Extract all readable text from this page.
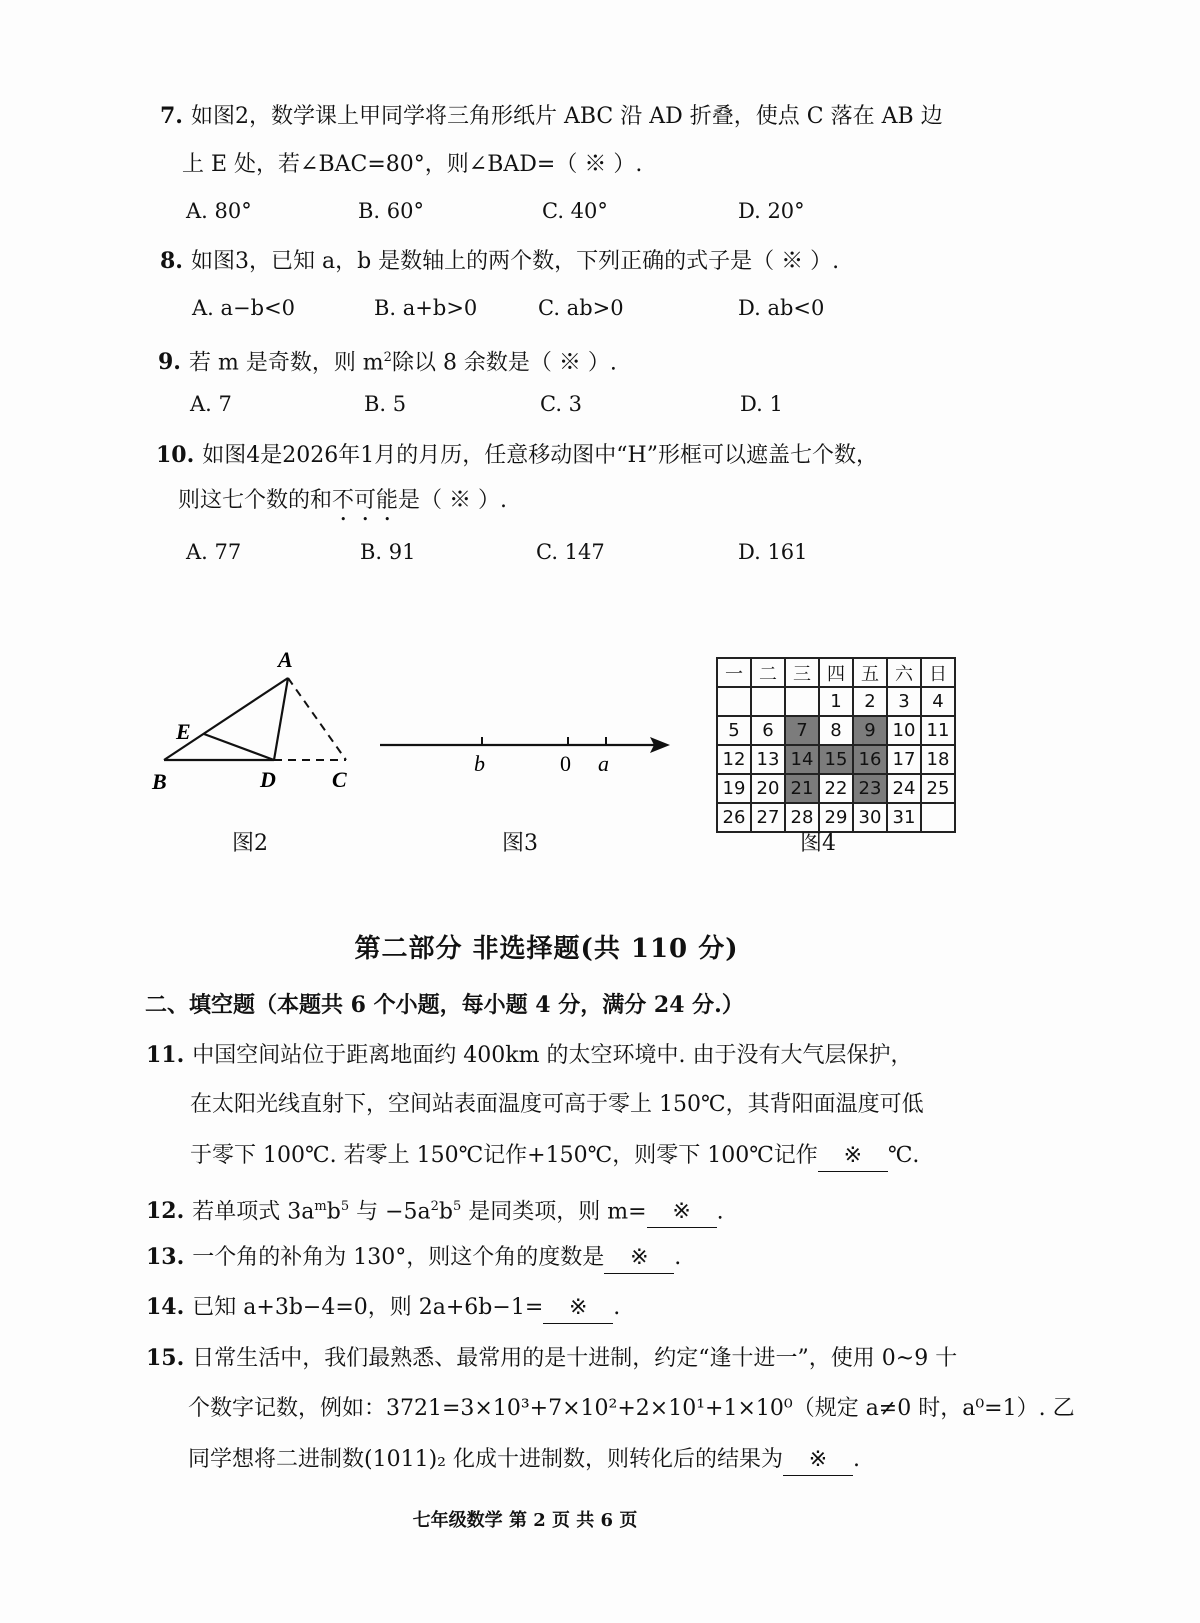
7. 如图2，数学课上甲同学将三角形纸片 ABC 沿 AD 折叠，使点 C 落在 AB 边
上 E 处，若∠BAC=80°，则∠BAD=（ ※ ）.
A. 80°	B. 60°	C. 40°	D. 20°
8. 如图3，已知 a，b 是数轴上的两个数，下列正确的式子是（ ※ ）.
A. a−b<0	B. a+b>0	C. ab>0	D. ab<0
9. 若 m 是奇数，则 $m^2$除以 8 余数是（ ※ ）.
A. 7	B. 5	C. 3	D. 1
10. 如图4是2026年1月的月历，任意移动图中“H”形框可以遮盖七个数，
则这七个数的和不可能是（ ※ ）.
A. 77	B. 91	C. 147	D. 161
A
E
B	D	C
图2
b	0 a
图3
一	二	三	四	五	六	日
			1	2	3	4
5	6	7	8	9	10	11
12	13	14	15	16	17	18
19	20	21	22	23	24	25
26	27	28	29	30	31	
图4
第二部分 非选择题(共 110 分)
二、填空题（本题共 6 个小题，每小题 4 分，满分 24 分.）
11. 中国空间站位于距离地面约 400km 的太空环境中. 由于没有大气层保护，
在太阳光线直射下，空间站表面温度可高于零上 150℃，其背阳面温度可低
于零下 100℃. 若零上 150℃记作+150℃，则零下 100℃记作 ※ ℃.
12. 若单项式 $3a^mb^5$ 与 $-5a^2b^5$ 是同类项，则 m= ※ .
13. 一个角的补角为 130°，则这个角的度数是 ※ .
14. 已知 a+3b−4=0，则 2a+6b−1= ※ .
15. 日常生活中，我们最熟悉、最常用的是十进制，约定“逢十进一”，使用 0~9 十
个数字记数，例如：3721=3×10³+7×10²+2×10¹+1×10⁰（规定 a≠0 时，a⁰=1）. 乙
同学想将二进制数(1011)₂ 化成十进制数，则转化后的结果为 ※ .
七年级数学 第 2 页 共 6 页
